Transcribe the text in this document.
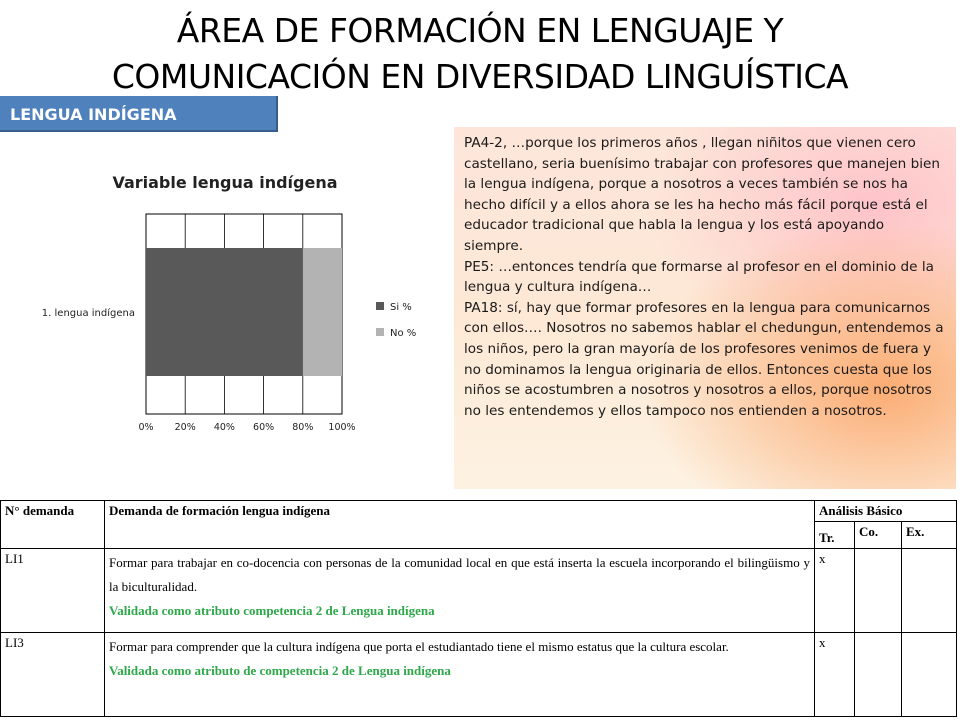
ÁREA DE FORMACIÓN EN LENGUAJE Y
COMUNICACIÓN EN DIVERSIDAD LINGUÍSTICA
LENGUA INDÍGENA
Variable lengua indígena
0% 20% 40% 60% 80% 100%
1. lengua indígena
Si %
No %

PA4-2, …porque los primeros años , llegan niñitos que vienen cero castellano, seria buenísimo trabajar con profesores que manejen bien la lengua indígena, porque a nosotros a veces también se nos ha hecho difícil y a ellos ahora se les ha hecho más fácil porque está el educador tradicional que habla la lengua y los está apoyando siempre.

PE5: …entonces tendría que formarse al profesor en el dominio de la lengua y cultura indígena…

PA18: sí, hay que formar profesores en la lengua para comunicarnos con ellos…. Nosotros no sabemos hablar el chedungun, entendemos a los niños, pero la gran mayoría de los profesores venimos de fuera y no dominamos la lengua originaria de ellos. Entonces cuesta que los niños se acostumbren a nosotros y nosotros a ellos, porque nosotros no les entendemos y ellos tampoco nos entienden a nosotros.

N° demanda	Demanda de formación lengua indígena	Análisis Básico		
		Tr.	Co.	Ex.
LI1	Formar para trabajar en co-docencia con personas de la comunidad local en que está inserta la escuela incorporando el bilingüismo y la biculturalidad.
Validada como atributo competencia 2 de Lengua indígena	x		
LI3	Formar para comprender que la cultura indígena que porta el estudiantado tiene el mismo estatus que la cultura escolar.
Validada como atributo de competencia 2 de Lengua indígena	x		
